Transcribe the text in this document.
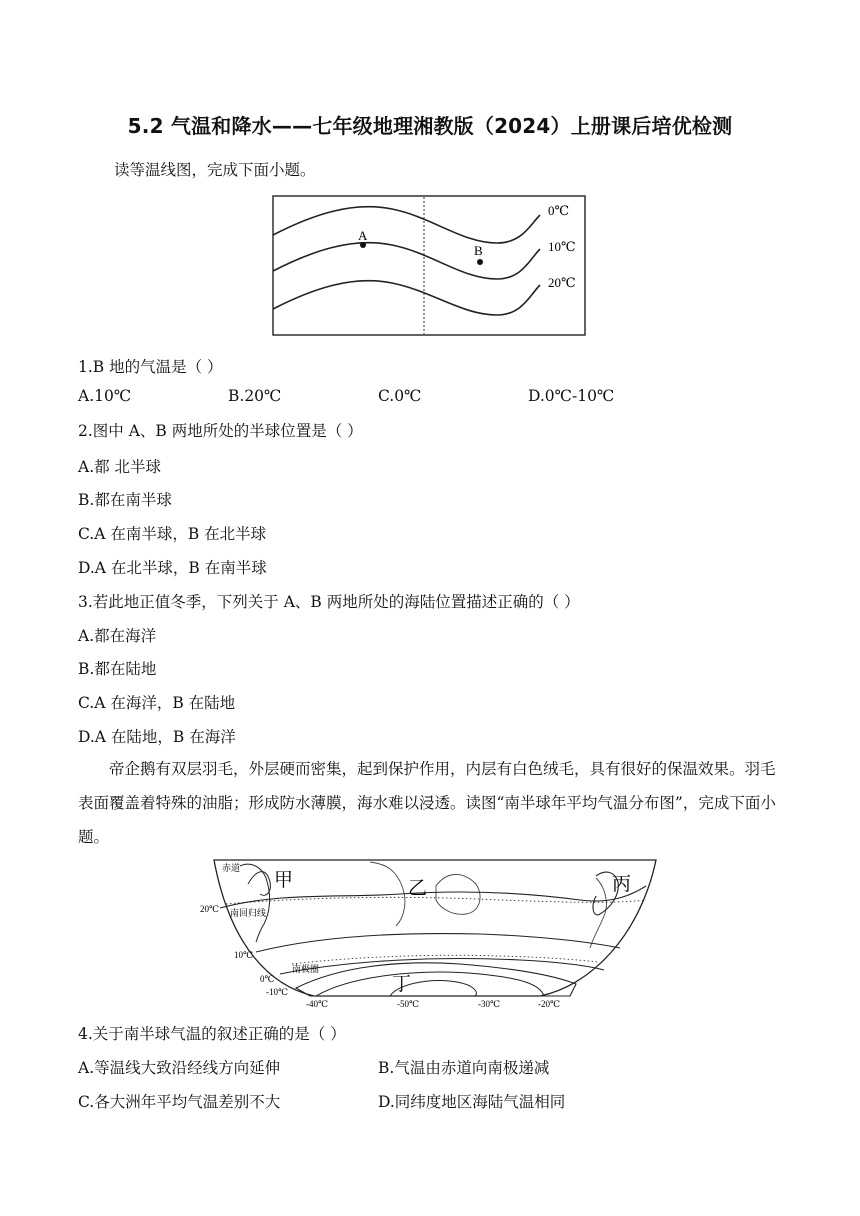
5.2 气温和降水——七年级地理湘教版（2024）上册课后培优检测
读等温线图，完成下面小题。
A
B
0℃
10℃
20℃
1.B 地的气温是（ ）
A.10℃	B.20℃	C.0℃	D.0℃-10℃
2.图中 A、B 两地所处的半球位置是（ ）
A.都 北半球
B.都在南半球
C.A 在南半球，B 在北半球
D.A 在北半球，B 在南半球
3.若此地正值冬季，下列关于 A、B 两地所处的海陆位置描述正确的（ ）
A.都在海洋
B.都在陆地
C.A 在海洋，B 在陆地
D.A 在陆地，B 在海洋
帝企鹅有双层羽毛，外层硬而密集，起到保护作用，内层有白色绒毛，具有很好的保温效果。羽毛表面覆盖着特殊的油脂；形成防水薄膜，海水难以浸透。读图“南半球年平均气温分布图”，完成下面小题。
赤道
南回归线
南极圈
甲	乙	丙
丁
20℃
10℃
0℃
-10℃
-40℃	-50℃	-30℃	-20℃
4.关于南半球气温的叙述正确的是（ ）
A.等温线大致沿经线方向延伸	B.气温由赤道向南极递减
C.各大洲年平均气温差别不大	D.同纬度地区海陆气温相同
